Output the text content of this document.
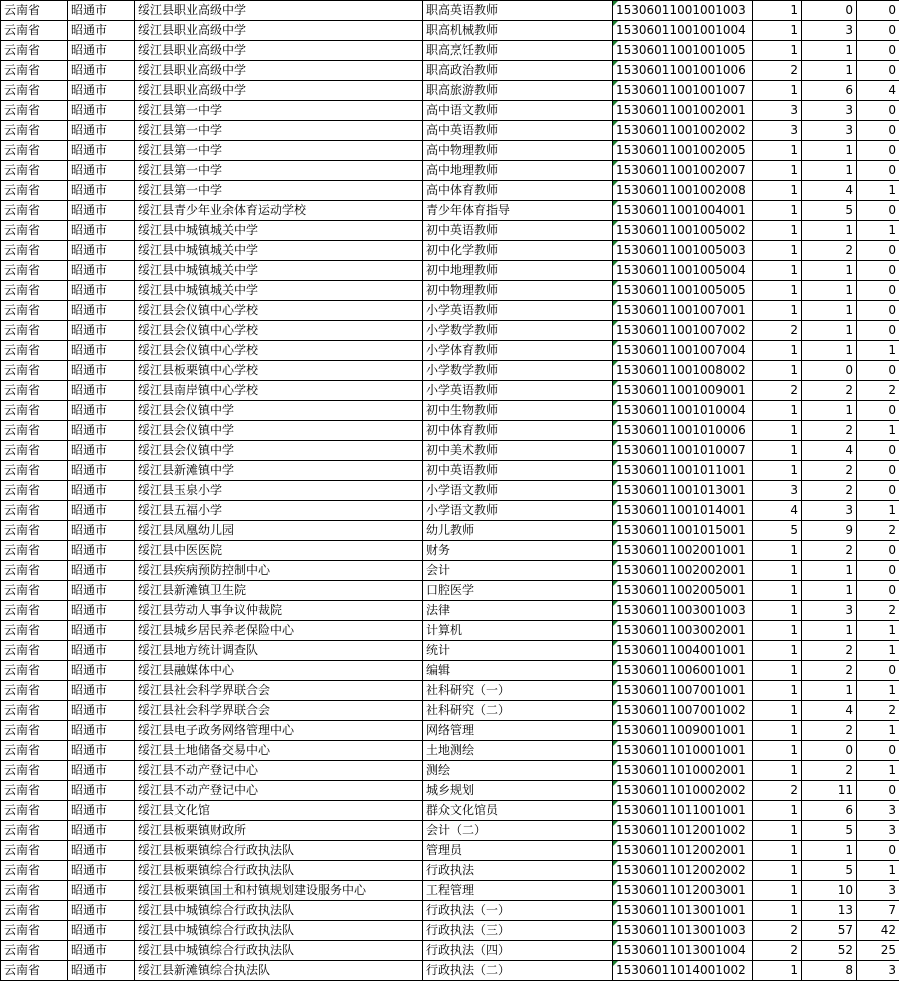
云南省	昭通市	绥江县职业高级中学	职高英语教师	15306011001001003	1	0	0
云南省	昭通市	绥江县职业高级中学	职高机械教师	15306011001001004	1	3	0
云南省	昭通市	绥江县职业高级中学	职高烹饪教师	15306011001001005	1	1	0
云南省	昭通市	绥江县职业高级中学	职高政治教师	15306011001001006	2	1	0
云南省	昭通市	绥江县职业高级中学	职高旅游教师	15306011001001007	1	6	4
云南省	昭通市	绥江县第一中学	高中语文教师	15306011001002001	3	3	0
云南省	昭通市	绥江县第一中学	高中英语教师	15306011001002002	3	3	0
云南省	昭通市	绥江县第一中学	高中物理教师	15306011001002005	1	1	0
云南省	昭通市	绥江县第一中学	高中地理教师	15306011001002007	1	1	0
云南省	昭通市	绥江县第一中学	高中体育教师	15306011001002008	1	4	1
云南省	昭通市	绥江县青少年业余体育运动学校	青少年体育指导	15306011001004001	1	5	0
云南省	昭通市	绥江县中城镇城关中学	初中英语教师	15306011001005002	1	1	1
云南省	昭通市	绥江县中城镇城关中学	初中化学教师	15306011001005003	1	2	0
云南省	昭通市	绥江县中城镇城关中学	初中地理教师	15306011001005004	1	1	0
云南省	昭通市	绥江县中城镇城关中学	初中物理教师	15306011001005005	1	1	0
云南省	昭通市	绥江县会仪镇中心学校	小学英语教师	15306011001007001	1	1	0
云南省	昭通市	绥江县会仪镇中心学校	小学数学教师	15306011001007002	2	1	0
云南省	昭通市	绥江县会仪镇中心学校	小学体育教师	15306011001007004	1	1	1
云南省	昭通市	绥江县板栗镇中心学校	小学数学教师	15306011001008002	1	0	0
云南省	昭通市	绥江县南岸镇中心学校	小学英语教师	15306011001009001	2	2	2
云南省	昭通市	绥江县会仪镇中学	初中生物教师	15306011001010004	1	1	0
云南省	昭通市	绥江县会仪镇中学	初中体育教师	15306011001010006	1	2	1
云南省	昭通市	绥江县会仪镇中学	初中美术教师	15306011001010007	1	4	0
云南省	昭通市	绥江县新滩镇中学	初中英语教师	15306011001011001	1	2	0
云南省	昭通市	绥江县玉泉小学	小学语文教师	15306011001013001	3	2	0
云南省	昭通市	绥江县五福小学	小学语文教师	15306011001014001	4	3	1
云南省	昭通市	绥江县凤凰幼儿园	幼儿教师	15306011001015001	5	9	2
云南省	昭通市	绥江县中医医院	财务	15306011002001001	1	2	0
云南省	昭通市	绥江县疾病预防控制中心	会计	15306011002002001	1	1	0
云南省	昭通市	绥江县新滩镇卫生院	口腔医学	15306011002005001	1	1	0
云南省	昭通市	绥江县劳动人事争议仲裁院	法律	15306011003001003	1	3	2
云南省	昭通市	绥江县城乡居民养老保险中心	计算机	15306011003002001	1	1	1
云南省	昭通市	绥江县地方统计调查队	统计	15306011004001001	1	2	1
云南省	昭通市	绥江县融媒体中心	编辑	15306011006001001	1	2	0
云南省	昭通市	绥江县社会科学界联合会	社科研究（一）	15306011007001001	1	1	1
云南省	昭通市	绥江县社会科学界联合会	社科研究（二）	15306011007001002	1	4	2
云南省	昭通市	绥江县电子政务网络管理中心	网络管理	15306011009001001	1	2	1
云南省	昭通市	绥江县土地储备交易中心	土地测绘	15306011010001001	1	0	0
云南省	昭通市	绥江县不动产登记中心	测绘	15306011010002001	1	2	1
云南省	昭通市	绥江县不动产登记中心	城乡规划	15306011010002002	2	11	0
云南省	昭通市	绥江县文化馆	群众文化馆员	15306011011001001	1	6	3
云南省	昭通市	绥江县板栗镇财政所	会计（二）	15306011012001002	1	5	3
云南省	昭通市	绥江县板栗镇综合行政执法队	管理员	15306011012002001	1	1	0
云南省	昭通市	绥江县板栗镇综合行政执法队	行政执法	15306011012002002	1	5	1
云南省	昭通市	绥江县板栗镇国土和村镇规划建设服务中心	工程管理	15306011012003001	1	10	3
云南省	昭通市	绥江县中城镇综合行政执法队	行政执法（一）	15306011013001001	1	13	7
云南省	昭通市	绥江县中城镇综合行政执法队	行政执法（三）	15306011013001003	2	57	42
云南省	昭通市	绥江县中城镇综合行政执法队	行政执法（四）	15306011013001004	2	52	25
云南省	昭通市	绥江县新滩镇综合执法队	行政执法（二）	15306011014001002	1	8	3
